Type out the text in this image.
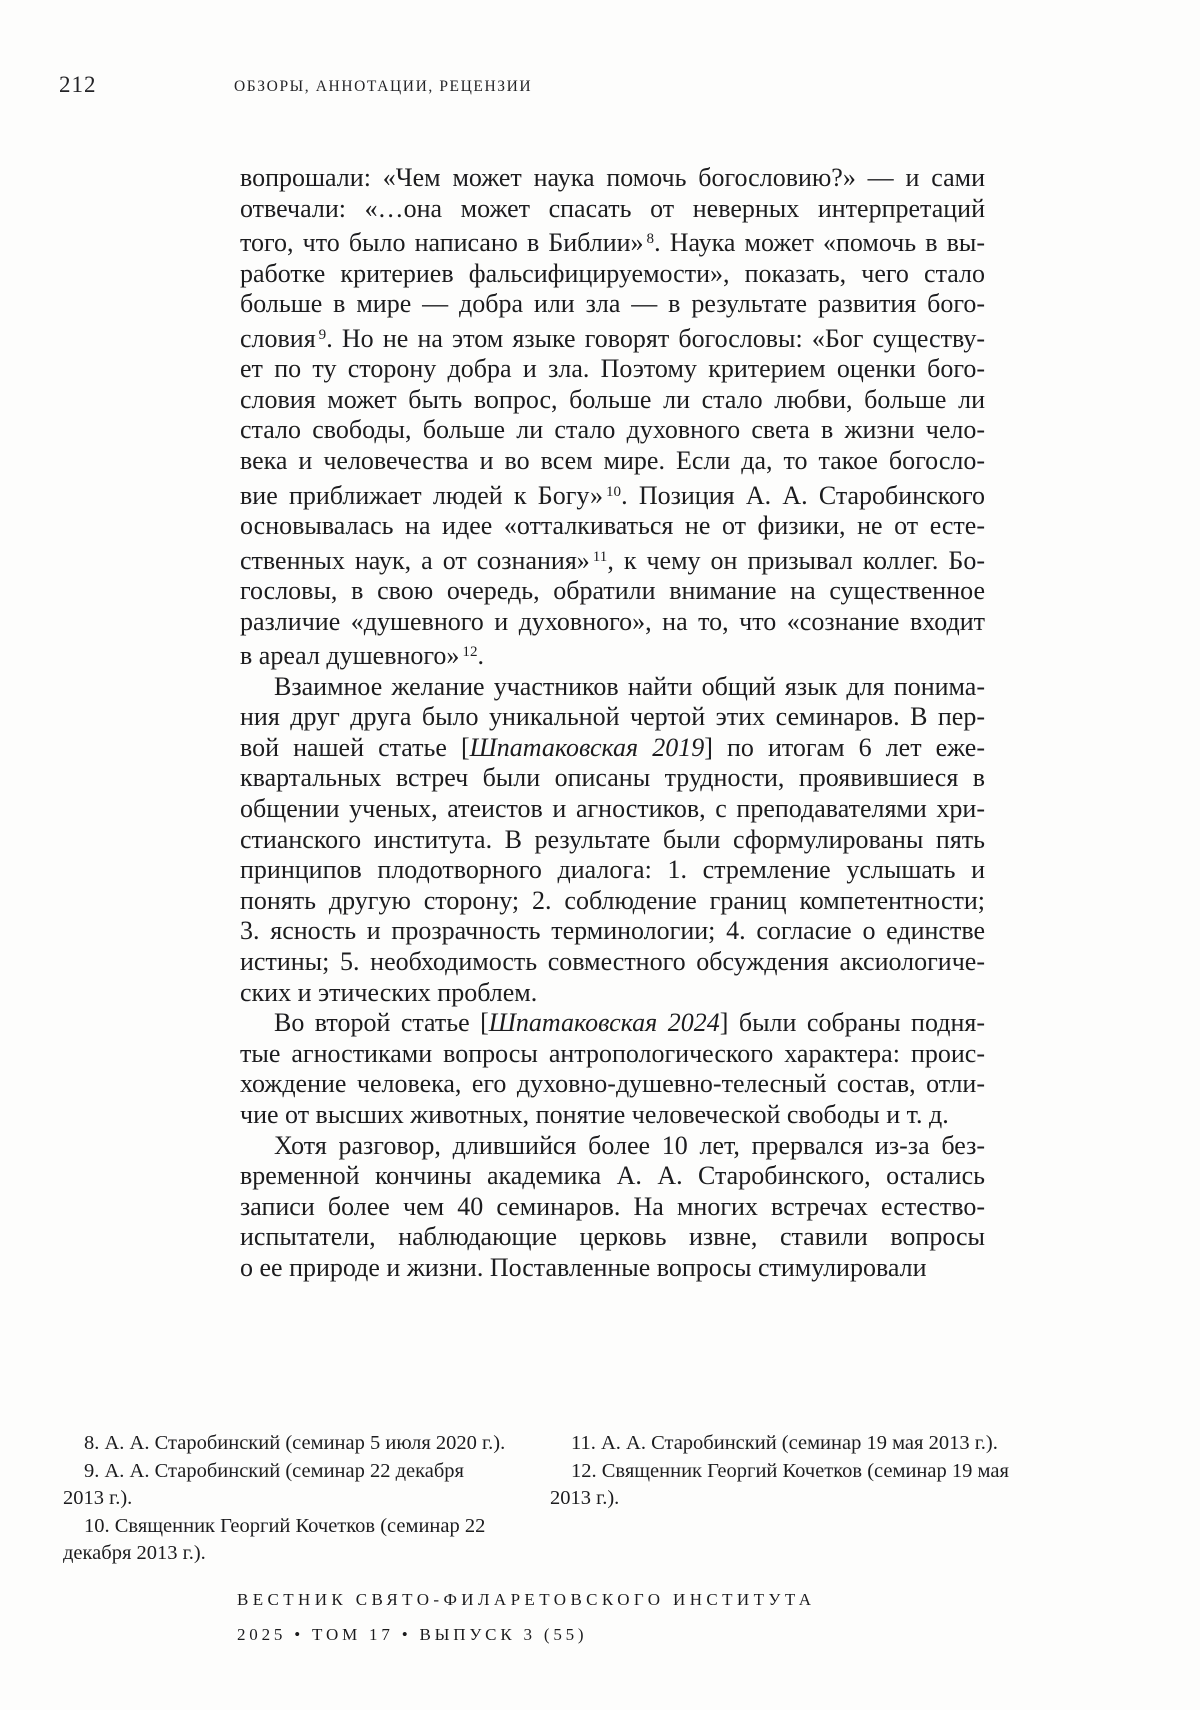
212	ОБЗОРЫ, АННОТАЦИИ, РЕЦЕНЗИИ
вопрошали: «Чем может наука помочь богословию?» — и сами
отвечали: «…она может спасать от неверных интерпретаций
того, что было написано в Библии» $^8$. Наука может «помочь в вы-
работке критериев фальсифицируемости», показать, чего стало
больше в мире — добра или зла — в результате развития бого-
словия $^9$. Но не на этом языке говорят богословы: «Бог существу-
ет по ту сторону добра и зла. Поэтому критерием оценки бого-
словия может быть вопрос, больше ли стало любви, больше ли
стало свободы, больше ли стало духовного света в жизни чело-
века и человечества и во всем мире. Если да, то такое богосло-
вие приближает людей к Богу» $^{10}$. Позиция А. А. Старобинского
основывалась на идее «отталкиваться не от физики, не от есте-
ственных наук, а от сознания» $^{11}$, к чему он призывал коллег. Бо-
гословы, в свою очередь, обратили внимание на существенное
различие «душевного и духовного», на то, что «сознание входит
в ареал душевного» $^{12}$.
Взаимное желание участников найти общий язык для понима-
ния друг друга было уникальной чертой этих семинаров. В пер-
вой нашей статье [Шпатаковская 2019] по итогам 6 лет еже-
квартальных встреч были описаны трудности, проявившиеся в
общении ученых, атеистов и агностиков, с преподавателями хри-
стианского института. В результате были сформулированы пять
принципов плодотворного диалога: 1. стремление услышать и
понять другую сторону; 2. соблюдение границ компетентности;
3. ясность и прозрачность терминологии; 4. согласие о единстве
истины; 5. необходимость совместного обсуждения аксиологиче-
ских и этических проблем.
Во второй статье [Шпатаковская 2024] были собраны подня-
тые агностиками вопросы антропологического характера: проис-
хождение человека, его духовно-душевно-телесный состав, отли-
чие от высших животных, понятие человеческой свободы и т. д.
Хотя разговор, длившийся более 10 лет, прервался из-за без-
временной кончины академика А. А. Старобинского, остались
записи более чем 40 семинаров. На многих встречах естество-
испытатели, наблюдающие церковь извне, ставили вопросы
о ее природе и жизни. Поставленные вопросы стимулировали
8. А. А. Старобинский (семинар 5 июля 2020 г.).
9. А. А. Старобинский (семинар 22 декабря
2013 г.).
10. Священник Георгий Кочетков (семинар 22
декабря 2013 г.).
11. А. А. Старобинский (семинар 19 мая 2013 г.).
12. Священник Георгий Кочетков (семинар 19 мая
2013 г.).
ВЕСТНИК СВЯТО-ФИЛАРЕТОВСКОГО ИНСТИТУТА
2025 • ТОМ 17 • ВЫПУСК 3 (55)
